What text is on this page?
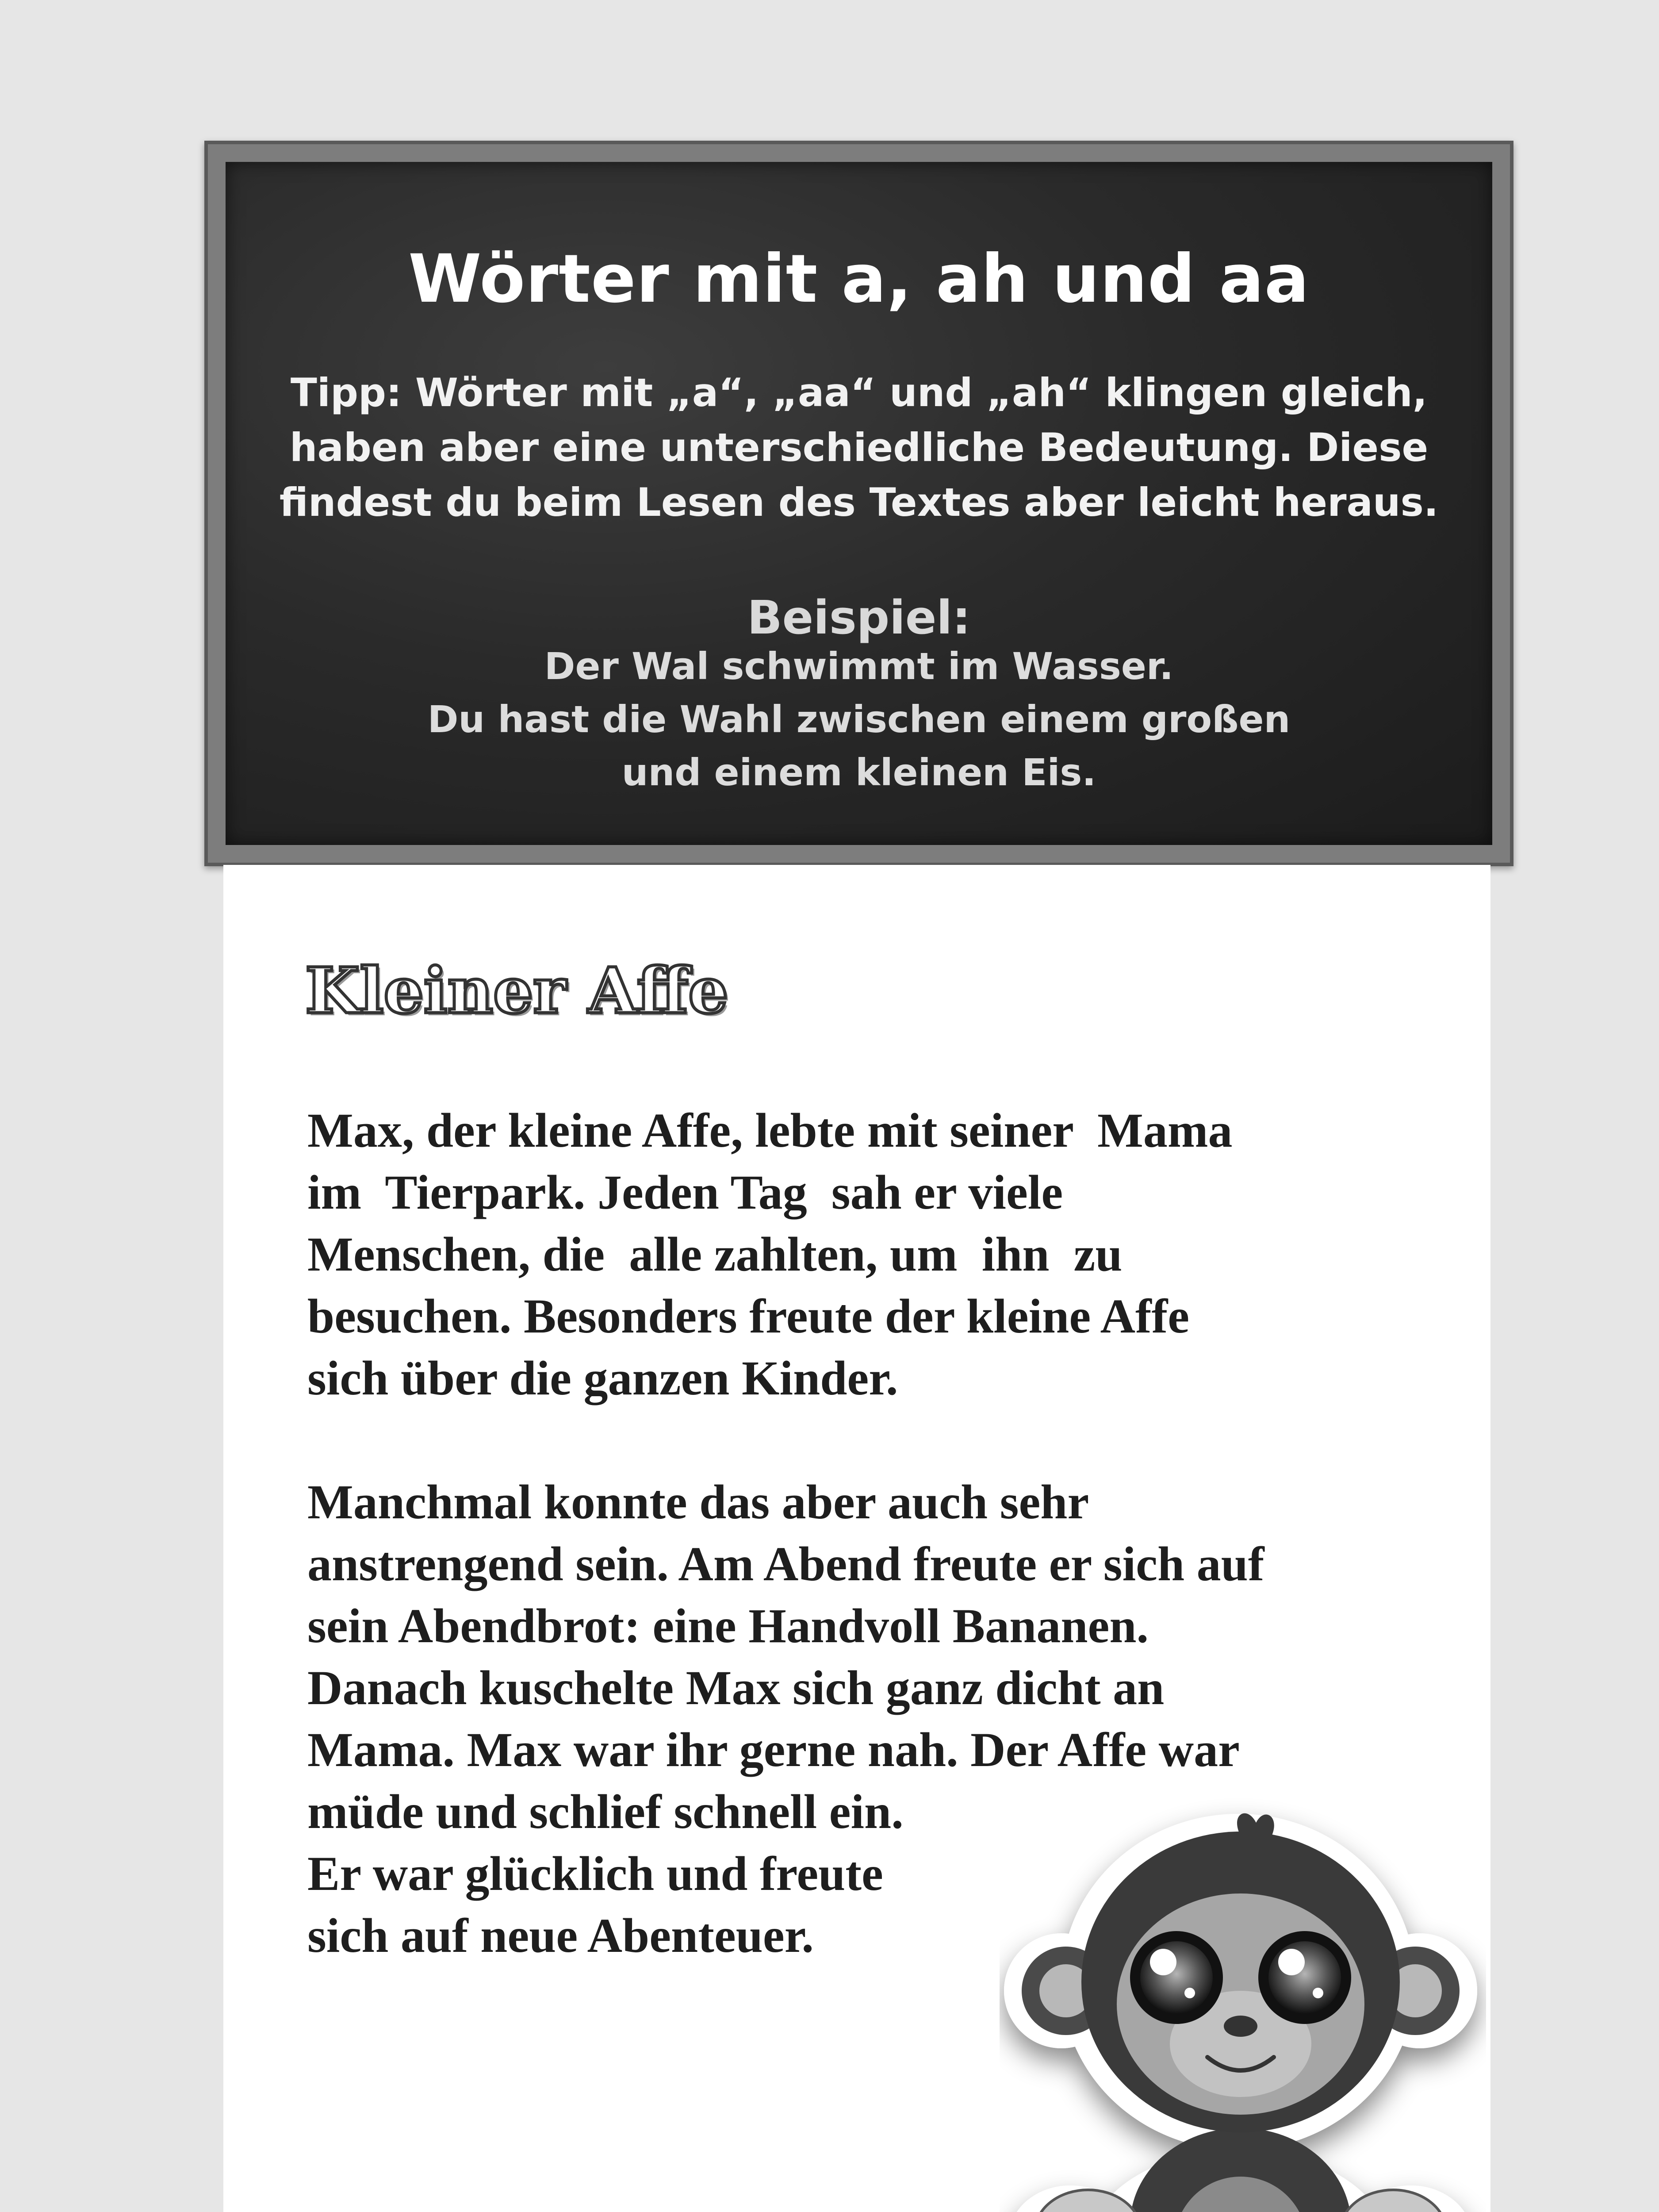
Wörter mit a, ah und aa
Tipp: Wörter mit „a“, „aa“ und „ah“ klingen gleich,
haben aber eine unterschiedliche Bedeutung. Diese
findest du beim Lesen des Textes aber leicht heraus.
Beispiel:
Der Wal schwimmt im Wasser.
Du hast die Wahl zwischen einem großen
und einem kleinen Eis.
Kleiner Affe
Max, der kleine Affe, lebte mit seiner  Mama
im  Tierpark. Jeden Tag  sah er viele
Menschen, die  alle zahlten, um  ihn  zu
besuchen. Besonders freute der kleine Affe
sich über die ganzen Kinder.
Manchmal konnte das aber auch sehr
anstrengend sein. Am Abend freute er sich auf
sein Abendbrot: eine Handvoll Bananen.
Danach kuschelte Max sich ganz dicht an
Mama. Max war ihr gerne nah. Der Affe war
müde und schlief schnell ein.
Er war glücklich und freute
sich auf neue Abenteuer.
